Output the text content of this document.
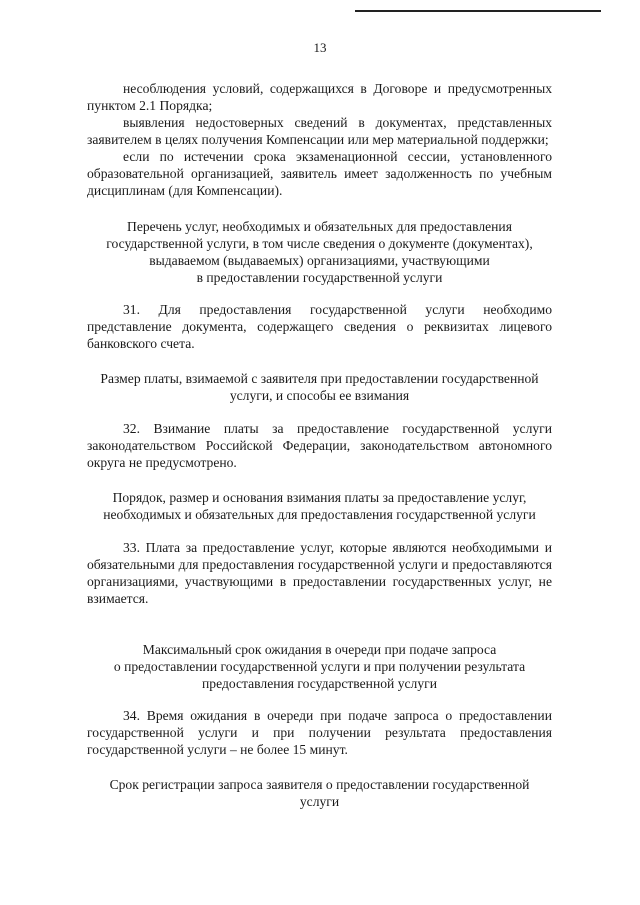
13

несоблюдения условий, содержащихся в Договоре и предусмотренных пунктом 2.1 Порядка;

выявления недостоверных сведений в документах, представленных заявителем в целях получения Компенсации или мер материальной поддержки;

если по истечении срока экзаменационной сессии, установленного образовательной организацией, заявитель имеет задолженность по учебным дисциплинам (для Компенсации).

Перечень услуг, необходимых и обязательных для предоставления
государственной услуги, в том числе сведения о документе (документах),
выдаваемом (выдаваемых) организациями, участвующими
в предоставлении государственной услуги

31. Для предоставления государственной услуги необходимо представление документа, содержащего сведения о реквизитах лицевого банковского счета.

Размер платы, взимаемой с заявителя при предоставлении государственной
услуги, и способы ее взимания

32. Взимание платы за предоставление государственной услуги законодательством Российской Федерации, законодательством автономного округа не предусмотрено.

Порядок, размер и основания взимания платы за предоставление услуг,
необходимых и обязательных для предоставления государственной услуги

33. Плата за предоставление услуг, которые являются необходимыми и обязательными для предоставления государственной услуги и предоставляются организациями, участвующими в предоставлении государственных услуг, не взимается.

Максимальный срок ожидания в очереди при подаче запроса
о предоставлении государственной услуги и при получении результата
предоставления государственной услуги

34. Время ожидания в очереди при подаче запроса о предоставлении государственной услуги и при получении результата предоставления государственной услуги – не более 15 минут.

Срок регистрации запроса заявителя о предоставлении государственной
услуги
